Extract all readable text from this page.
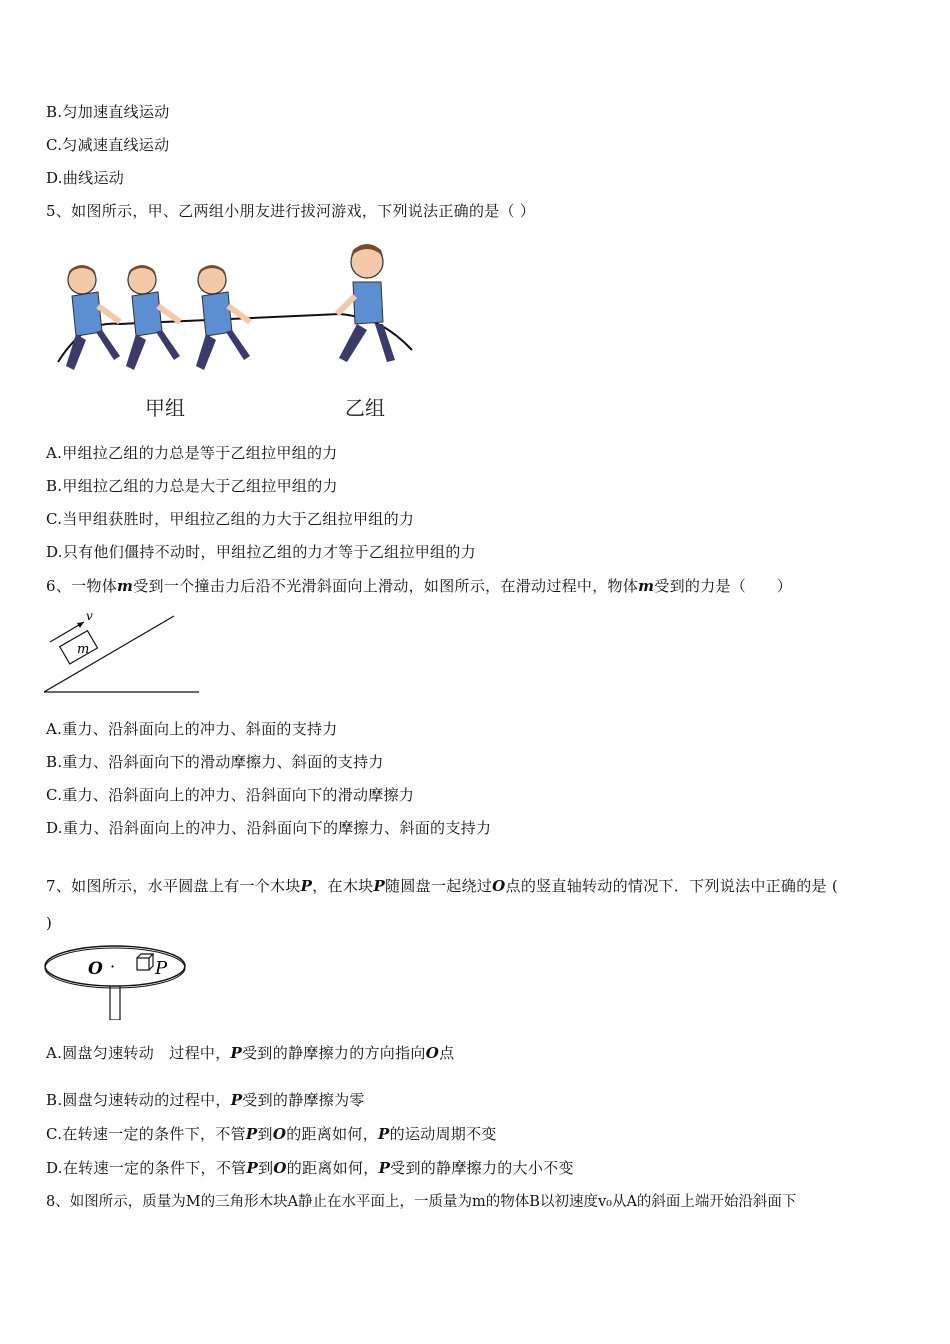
B.匀加速直线运动
C.匀减速直线运动
D.曲线运动
5、如图所示，甲、乙两组小朋友进行拔河游戏，下列说法正确的是（ ）
甲组	乙组
A.甲组拉乙组的力总是等于乙组拉甲组的力
B.甲组拉乙组的力总是大于乙组拉甲组的力
C.当甲组获胜时，甲组拉乙组的力大于乙组拉甲组的力
D.只有他们僵持不动时，甲组拉乙组的力才等于乙组拉甲组的力
6、一物体m受到一个撞击力后沿不光滑斜面向上滑动，如图所示，在滑动过程中，物体m受到的力是（　　）
m
v
A.重力、沿斜面向上的冲力、斜面的支持力
B.重力、沿斜面向下的滑动摩擦力、斜面的支持力
C.重力、沿斜面向上的冲力、沿斜面向下的滑动摩擦力
D.重力、沿斜面向上的冲力、沿斜面向下的摩擦力、斜面的支持力
7、如图所示，水平圆盘上有一个木块P，在木块P随圆盘一起绕过O点的竖直轴转动的情况下．下列说法中正确的是 (
)
O · P
A.圆盘匀速转动　过程中，P受到的静摩擦力的方向指向O点
B.圆盘匀速转动的过程中，P受到的静摩擦为零
C.在转速一定的条件下，不管P到O的距离如何，P的运动周期不变
D.在转速一定的条件下，不管P到O的距离如何，P受到的静摩擦力的大小不变
8、如图所示，质量为M的三角形木块A静止在水平面上，一质量为m的物体B以初速度v₀从A的斜面上端开始沿斜面下
